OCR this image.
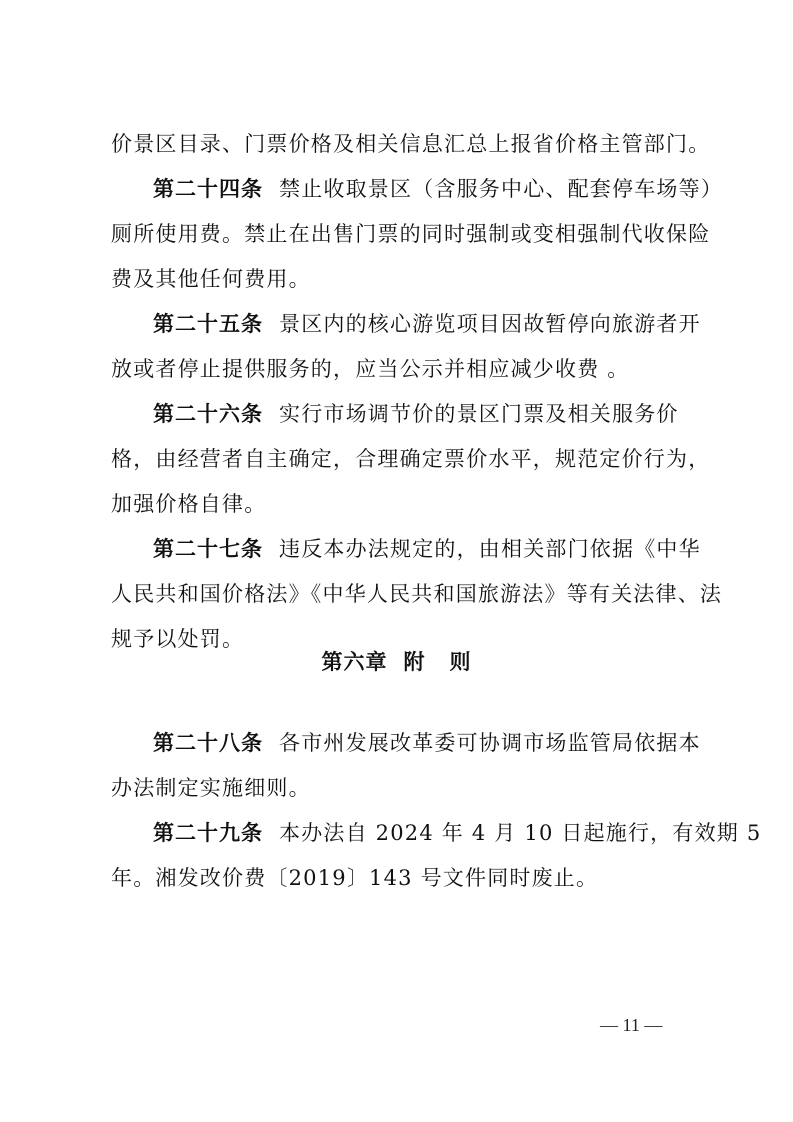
价景区目录、门票价格及相关信息汇总上报省价格主管部门。
第二十四条 禁止收取景区（含服务中心、配套停车场等）
厕所使用费。禁止在出售门票的同时强制或变相强制代收保险
费及其他任何费用。
第二十五条 景区内的核心游览项目因故暂停向旅游者开
放或者停止提供服务的，应当公示并相应减少收费 。
第二十六条 实行市场调节价的景区门票及相关服务价
格，由经营者自主确定，合理确定票价水平，规范定价行为，
加强价格自律。
第二十七条 违反本办法规定的，由相关部门依据《中华
人民共和国价格法》《中华人民共和国旅游法》等有关法律、法
规予以处罚。
第六章 附 则
第二十八条 各市州发展改革委可协调市场监管局依据本
办法制定实施细则。
第二十九条 本办法自 2024 年 4 月 10 日起施行，有效期 5
年。湘发改价费〔2019〕143 号文件同时废止。
— 11 —
